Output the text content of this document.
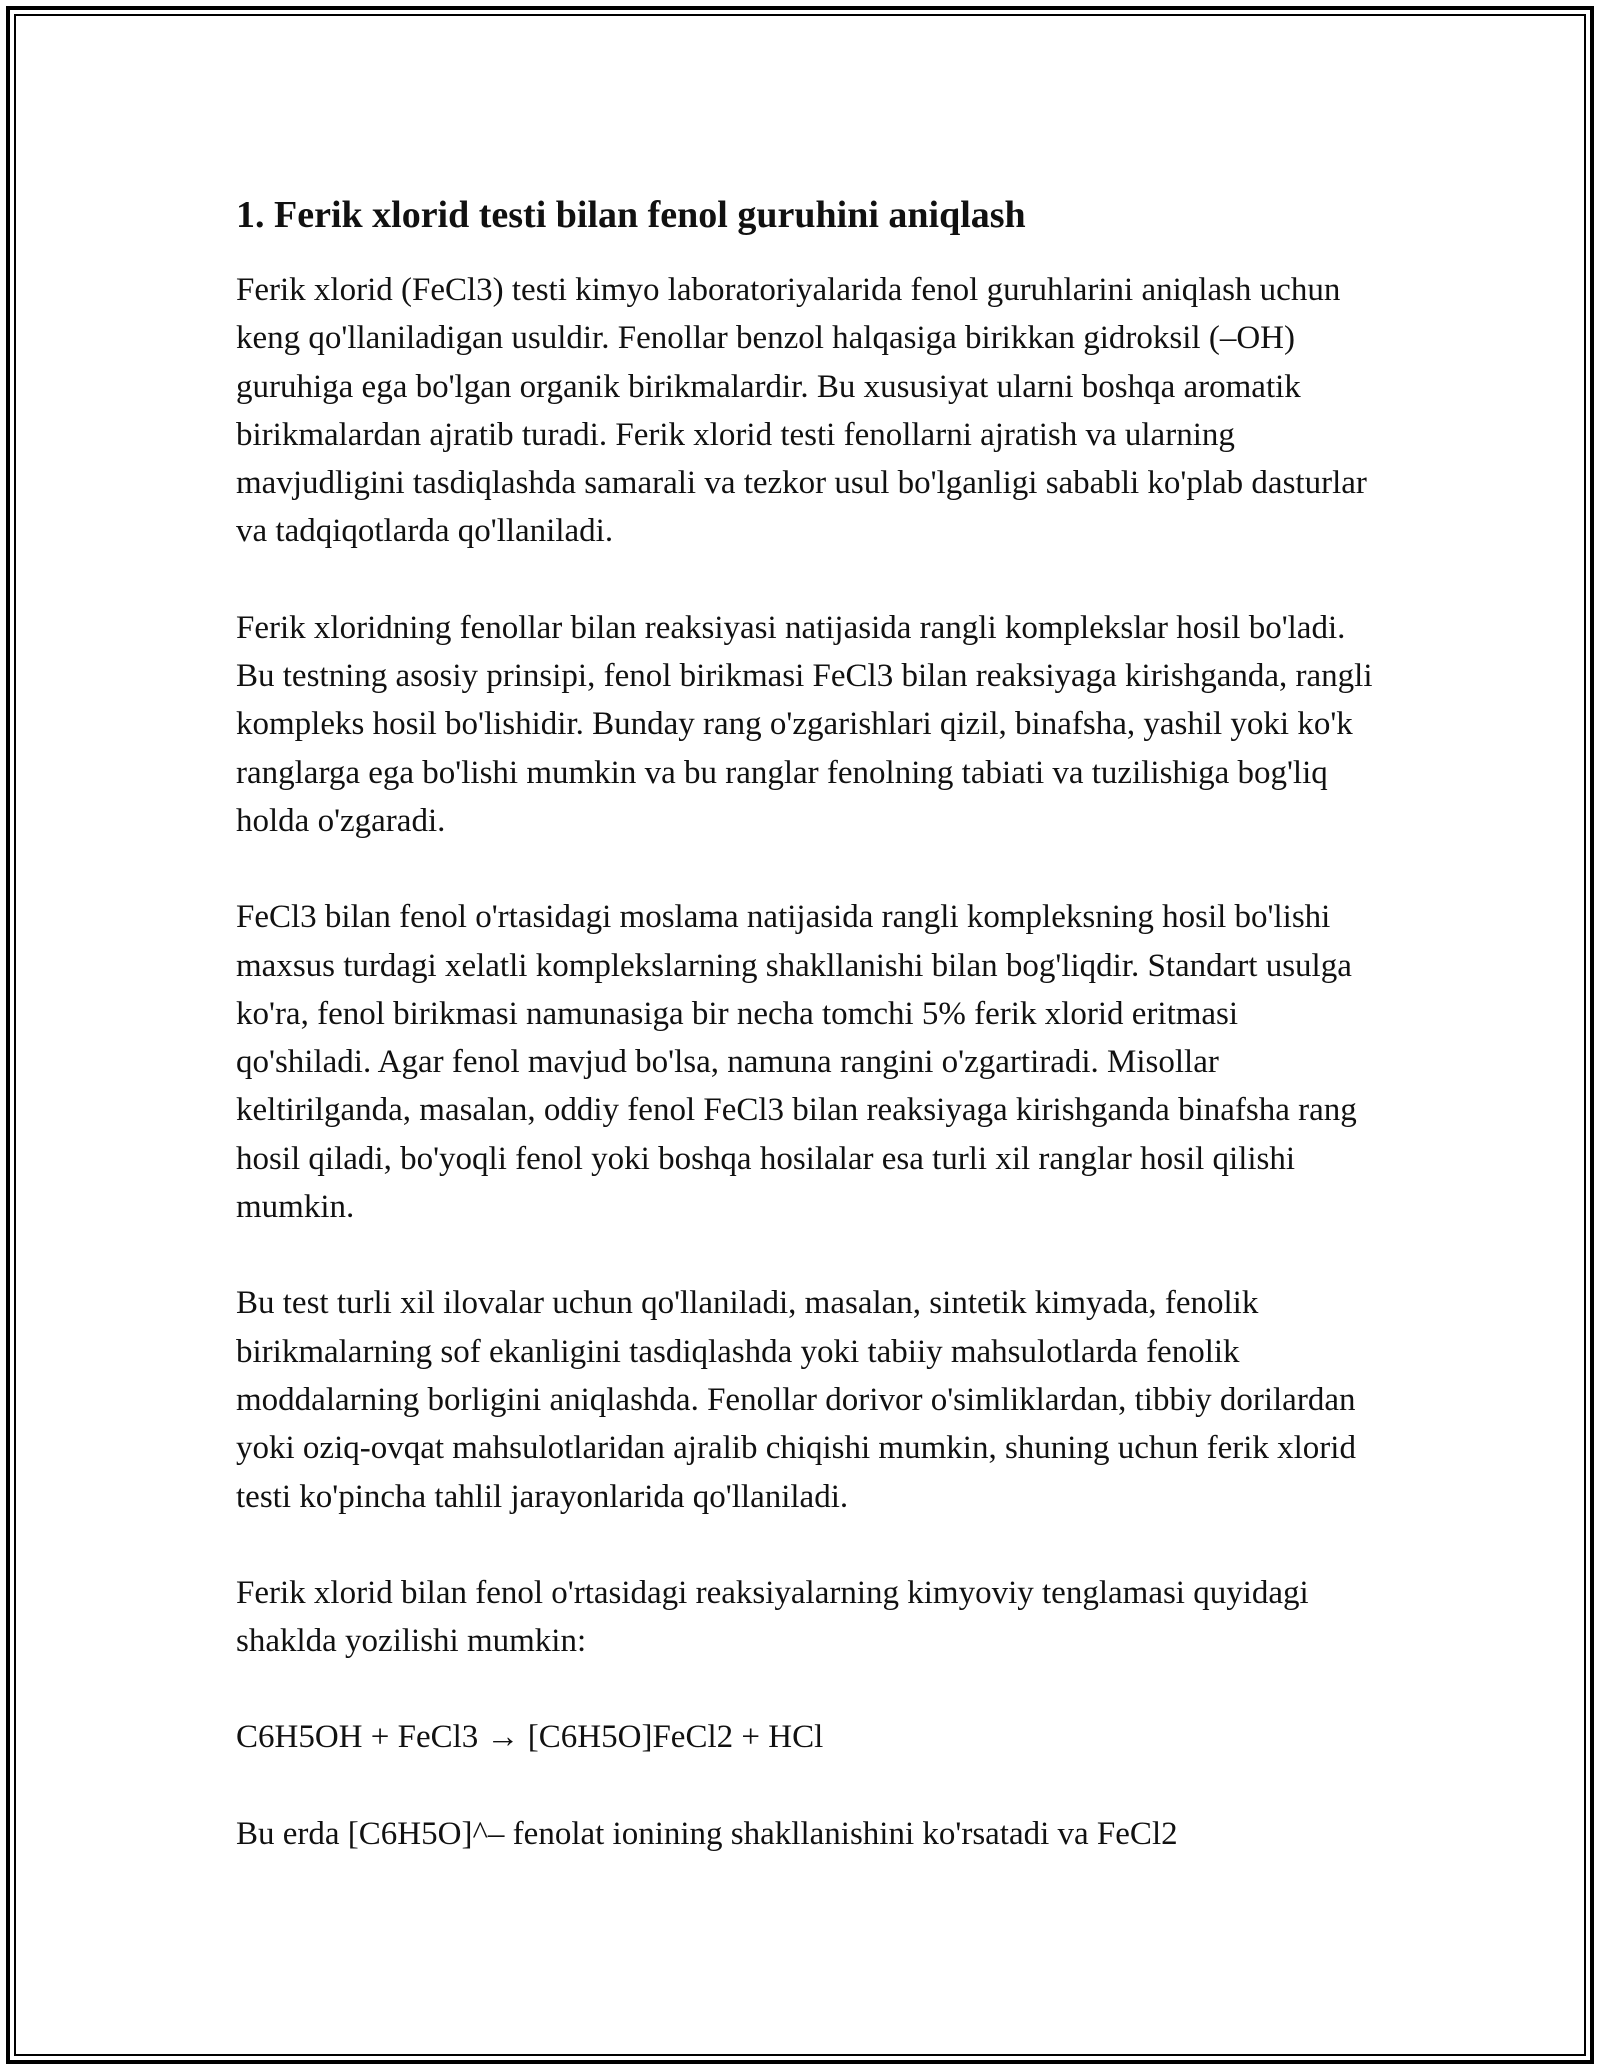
1. Ferik xlorid testi bilan fenol guruhini aniqlash

Ferik xlorid (FeCl3) testi kimyo laboratoriyalarida fenol guruhlarini aniqlash uchun keng qo'llaniladigan usuldir. Fenollar benzol halqasiga birikkan gidroksil (–OH) guruhiga ega bo'lgan organik birikmalardir. Bu xususiyat ularni boshqa aromatik birikmalardan ajratib turadi. Ferik xlorid testi fenollarni ajratish va ularning mavjudligini tasdiqlashda samarali va tezkor usul bo'lganligi sababli ko'plab dasturlar va tadqiqotlarda qo'llaniladi.

Ferik xloridning fenollar bilan reaksiyasi natijasida rangli komplekslar hosil bo'ladi. Bu testning asosiy prinsipi, fenol birikmasi FeCl3 bilan reaksiyaga kirishganda, rangli kompleks hosil bo'lishidir. Bunday rang o'zgarishlari qizil, binafsha, yashil yoki ko'k ranglarga ega bo'lishi mumkin va bu ranglar fenolning tabiati va tuzilishiga bog'liq holda o'zgaradi.

FeCl3 bilan fenol o'rtasidagi moslama natijasida rangli kompleksning hosil bo'lishi maxsus turdagi xelatli komplekslarning shakllanishi bilan bog'liqdir. Standart usulga ko'ra, fenol birikmasi namunasiga bir necha tomchi 5% ferik xlorid eritmasi qo'shiladi. Agar fenol mavjud bo'lsa, namuna rangini o'zgartiradi. Misollar keltirilganda, masalan, oddiy fenol FeCl3 bilan reaksiyaga kirishganda binafsha rang hosil qiladi, bo'yoqli fenol yoki boshqa hosilalar esa turli xil ranglar hosil qilishi mumkin.

Bu test turli xil ilovalar uchun qo'llaniladi, masalan, sintetik kimyada, fenolik birikmalarning sof ekanligini tasdiqlashda yoki tabiiy mahsulotlarda fenolik moddalarning borligini aniqlashda. Fenollar dorivor o'simliklardan, tibbiy dorilardan yoki oziq-ovqat mahsulotlaridan ajralib chiqishi mumkin, shuning uchun ferik xlorid testi ko'pincha tahlil jarayonlarida qo'llaniladi.

Ferik xlorid bilan fenol o'rtasidagi reaksiyalarning kimyoviy tenglamasi quyidagi shaklda yozilishi mumkin:

C6H5OH + FeCl3 → [C6H5O]FeCl2 + HCl

Bu erda [C6H5O]^– fenolat ionining shakllanishini ko'rsatadi va FeCl2
